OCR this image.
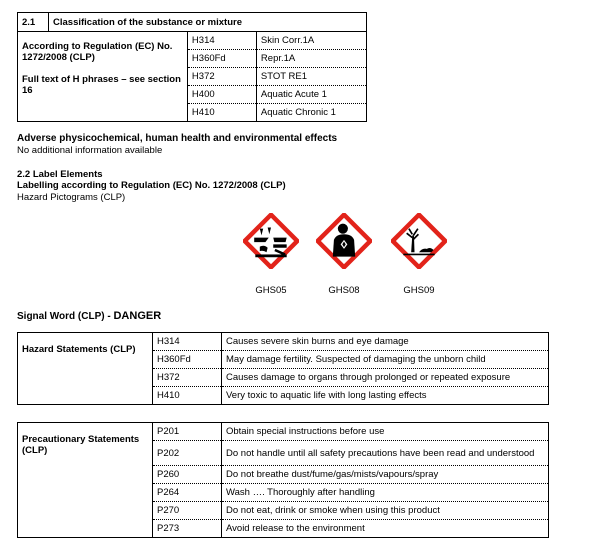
2.1	Classification of the substance or mixture		
According to Regulation (EC) No. 1272/2008 (CLP)		H314	Skin Corr.1A
		H360Fd	Repr.1A
Full text of H phrases – see section 16		H372	STOT RE1
		H400	Aquatic Acute 1
		H410	Aquatic Chronic 1
Adverse physicochemical, human health and environmental effects
No additional information available
2.2 Label Elements
Labelling according to Regulation (EC) No. 1272/2008 (CLP)
Hazard Pictograms (CLP)
GHS05	GHS08	GHS09
Signal Word (CLP) - DANGER
Hazard Statements (CLP)	H314	Causes severe skin burns and eye damage
	H360Fd	May damage fertility. Suspected of damaging the unborn child
	H372	Causes damage to organs through prolonged or repeated exposure
	H410	Very toxic to aquatic life with long lasting effects
Precautionary Statements (CLP)	P201	Obtain special instructions before use
	P202	Do not handle until all safety precautions have been read and understood
	P260	Do not breathe dust/fume/gas/mists/vapours/spray
	P264	Wash …. Thoroughly after handling
	P270	Do not eat, drink or smoke when using this product
	P273	Avoid release to the environment
